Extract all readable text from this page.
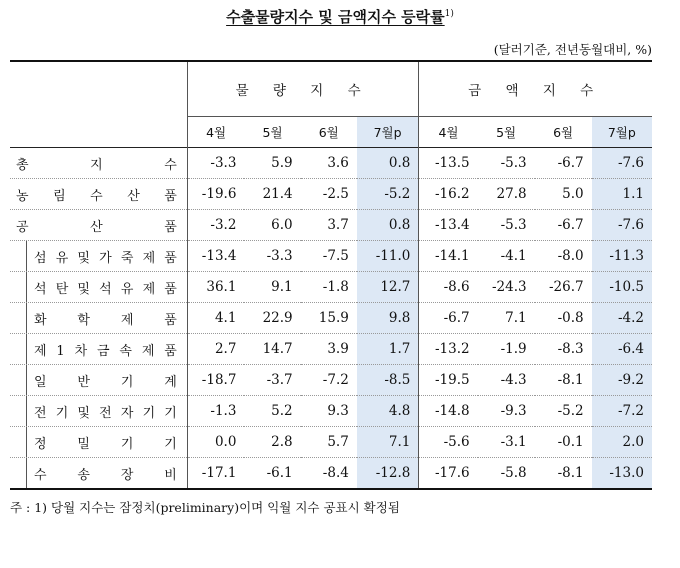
수출물량지수 및 금액지수 등락률$^{1)}$
(달러기준, 전년동월대비, %)
	물 량 지 수				금 액 지 수			
	4월	5월	6월	7월p	4월	5월	6월	7월p
총 지 수	-3.3	5.9	3.6	0.8	-13.5	-5.3	-6.7	-7.6
농 림 수 산 품	-19.6	21.4	-2.5	-5.2	-16.2	27.8	5.0	1.1
공 산 품	-3.2	6.0	3.7	0.8	-13.4	-5.3	-6.7	-7.6
섬 유 및 가 죽 제 품	-13.4	-3.3	-7.5	-11.0	-14.1	-4.1	-8.0	-11.3
석 탄 및 석 유 제 품	36.1	9.1	-1.8	12.7	-8.6	-24.3	-26.7	-10.5
화 학 제 품	4.1	22.9	15.9	9.8	-6.7	7.1	-0.8	-4.2
제 1 차 금 속 제 품	2.7	14.7	3.9	1.7	-13.2	-1.9	-8.3	-6.4
일 반 기 계	-18.7	-3.7	-7.2	-8.5	-19.5	-4.3	-8.1	-9.2
전 기 및 전 자 기 기	-1.3	5.2	9.3	4.8	-14.8	-9.3	-5.2	-7.2
정 밀 기 기	0.0	2.8	5.7	7.1	-5.6	-3.1	-0.1	2.0
수 송 장 비	-17.1	-6.1	-8.4	-12.8	-17.6	-5.8	-8.1	-13.0
주 : 1) 당월 지수는 잠정치(preliminary)이며 익월 지수 공표시 확정됨
